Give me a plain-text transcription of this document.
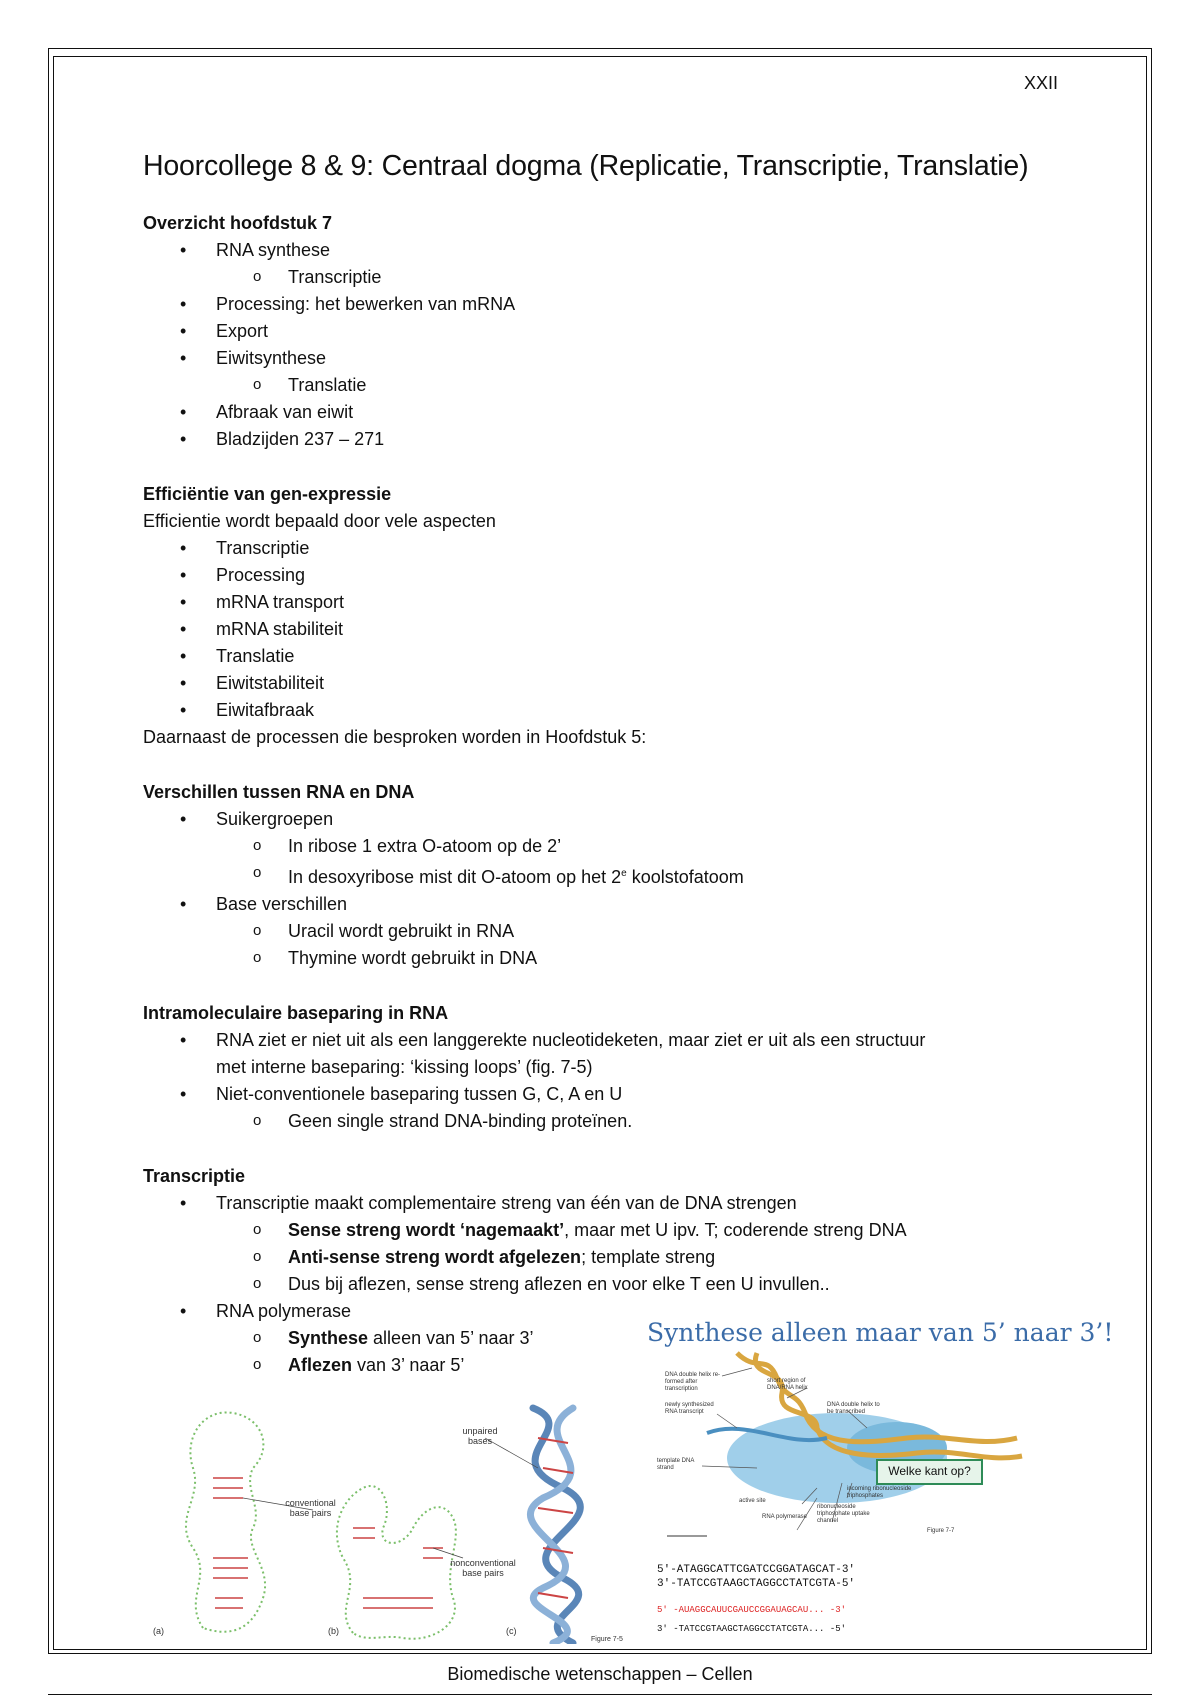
XXII
Hoorcollege 8 & 9: Centraal dogma (Replicatie, Transcriptie, Translatie)
Overzicht hoofdstuk 7
• RNA synthese
o Transcriptie
• Processing: het bewerken van mRNA
• Export
• Eiwitsynthese
o Translatie
• Afbraak van eiwit
• Bladzijden 237 – 271
Efficiëntie van gen-expressie

Efficientie wordt bepaald door vele aspecten

• Transcriptie
• Processing
• mRNA transport
• mRNA stabiliteit
• Translatie
• Eiwitstabiliteit
• Eiwitafbraak

Daarnaast de processen die besproken worden in Hoofdstuk 5:

Verschillen tussen RNA en DNA
• Suikergroepen
o In ribose 1 extra O-atoom op de 2’
o In desoxyribose mist dit O-atoom op het 2e koolstofatoom
• Base verschillen
o Uracil wordt gebruikt in RNA
o Thymine wordt gebruikt in DNA
Intramoleculaire baseparing in RNA
• RNA ziet er niet uit als een langgerekte nucleotideketen, maar ziet er uit als een structuur
met interne baseparing: ‘kissing loops’ (fig. 7-5)
• Niet-conventionele baseparing tussen G, C, A en U
o Geen single strand DNA-binding proteïnen.
Transcriptie
• Transcriptie maakt complementaire streng van één van de DNA strengen
o Sense streng wordt ‘nagemaakt’, maar met U ipv. T; coderende streng DNA
o Anti-sense streng wordt afgelezen; template streng
o Dus bij aflezen, sense streng aflezen en voor elke T een U invullen..
• RNA polymerase
o Synthese alleen van 5’ naar 3’
o Aflezen van 3’ naar 5’
conventional base pairs
unpaired bases
nonconventional base pairs
(a)	(b)	(c)
Figure 7-5
Synthese alleen maar van 5’ naar 3’!
Welke kant op?
DNA double helix re-formed after transcription
short region of DNA/RNA helix
newly synthesized RNA transcript
DNA double helix to be transcribed
template DNA strand
active site
RNA polymerase
incoming ribonucleoside triphosphates
ribonucleoside triphosphate uptake channel
Figure 7-7
5'-ATAGGCATTCGATCCGGATAGCAT-3'
3'-TATCCGTAAGCTAGGCCTATCGTA-5'
5' -AUAGGCAUUCGAUCCGGAUAGCAU... -3'
3' -TATCCGTAAGCTAGGCCTATCGTA... -5'
Biomedische wetenschappen – Cellen
